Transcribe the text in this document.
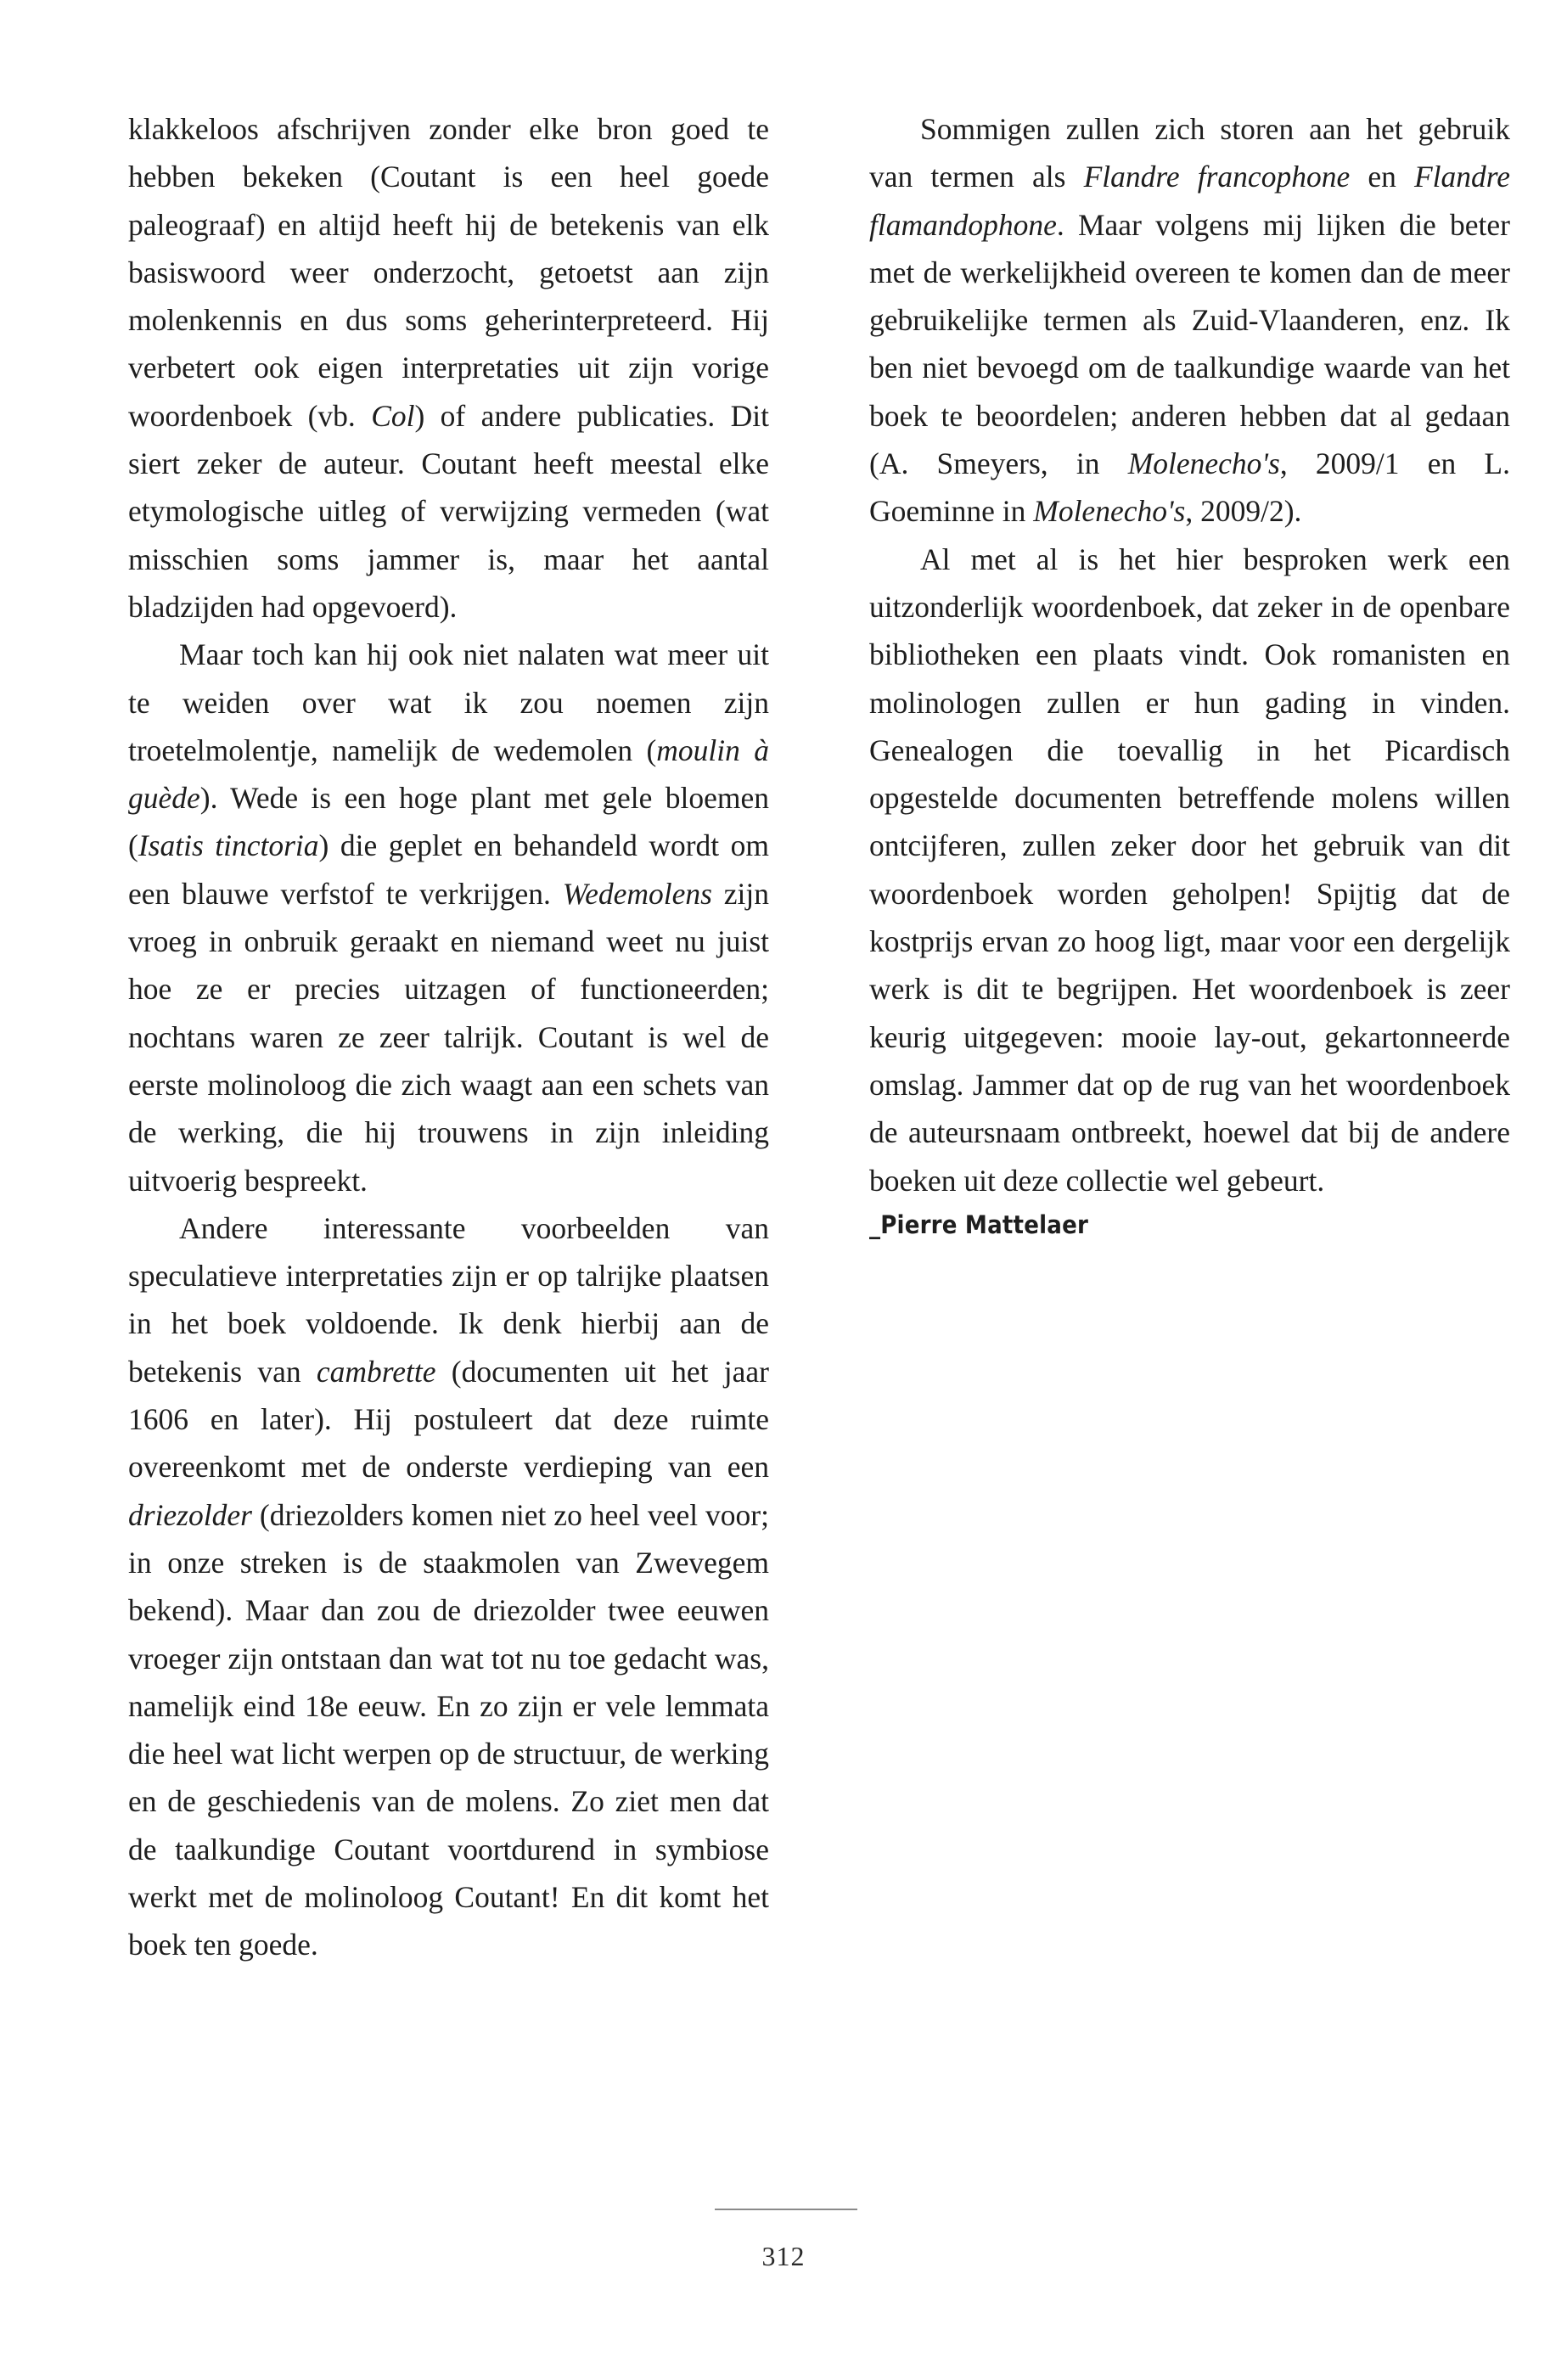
klakkeloos afschrijven zonder elke bron goed te hebben bekeken (Coutant is een heel goede paleograaf) en altijd heeft hij de betekenis van elk basiswoord weer onderzocht, getoetst aan zijn molenkennis en dus soms geherinterpreteerd. Hij verbetert ook eigen interpretaties uit zijn vorige woordenboek (vb. Col) of andere publicaties. Dit siert zeker de auteur. Coutant heeft meestal elke etymologische uitleg of verwijzing vermeden (wat misschien soms jammer is, maar het aantal bladzijden had opgevoerd).

Maar toch kan hij ook niet nalaten wat meer uit te weiden over wat ik zou noemen zijn troetelmolentje, namelijk de wedemolen (moulin à guède). Wede is een hoge plant met gele bloemen (Isatis tinctoria) die geplet en behandeld wordt om een blauwe verfstof te verkrijgen. Wedemolens zijn vroeg in onbruik geraakt en niemand weet nu juist hoe ze er precies uitzagen of functioneerden; nochtans waren ze zeer talrijk. Coutant is wel de eerste molinoloog die zich waagt aan een schets van de werking, die hij trouwens in zijn inleiding uitvoerig bespreekt.

Andere interessante voorbeelden van speculatieve interpretaties zijn er op talrijke plaatsen in het boek voldoende. Ik denk hierbij aan de betekenis van cambrette (documenten uit het jaar 1606 en later). Hij postuleert dat deze ruimte overeenkomt met de onderste verdieping van een driezolder (driezolders komen niet zo heel veel voor; in onze streken is de staakmolen van Zwevegem bekend). Maar dan zou de driezolder twee eeuwen vroeger zijn ontstaan dan wat tot nu toe gedacht was, namelijk eind 18e eeuw. En zo zijn er vele lemmata die heel wat licht werpen op de structuur, de werking en de geschiedenis van de molens. Zo ziet men dat de taalkundige Coutant voortdurend in symbiose werkt met de molinoloog Coutant! En dit komt het boek ten goede.

Sommigen zullen zich storen aan het gebruik van termen als Flandre francophone en Flandre flamandophone. Maar volgens mij lijken die beter met de werkelijkheid overeen te komen dan de meer gebruikelijke termen als Zuid-Vlaanderen, enz. Ik ben niet bevoegd om de taalkundige waarde van het boek te beoordelen; anderen hebben dat al gedaan (A. Smeyers, in Molenecho's, 2009/1 en L. Goeminne in Molenecho's, 2009/2).

Al met al is het hier besproken werk een uitzonderlijk woordenboek, dat zeker in de openbare bibliotheken een plaats vindt. Ook romanisten en molinologen zullen er hun gading in vinden. Genealogen die toevallig in het Picardisch opgestelde documenten betreffende molens willen ontcijferen, zullen zeker door het gebruik van dit woordenboek worden geholpen! Spijtig dat de kostprijs ervan zo hoog ligt, maar voor een dergelijk werk is dit te begrijpen. Het woordenboek is zeer keurig uitgegeven: mooie lay-out, gekartonneerde omslag. Jammer dat op de rug van het woordenboek de auteursnaam ontbreekt, hoewel dat bij de andere boeken uit deze collectie wel gebeurt.

_Pierre Mattelaer
312
